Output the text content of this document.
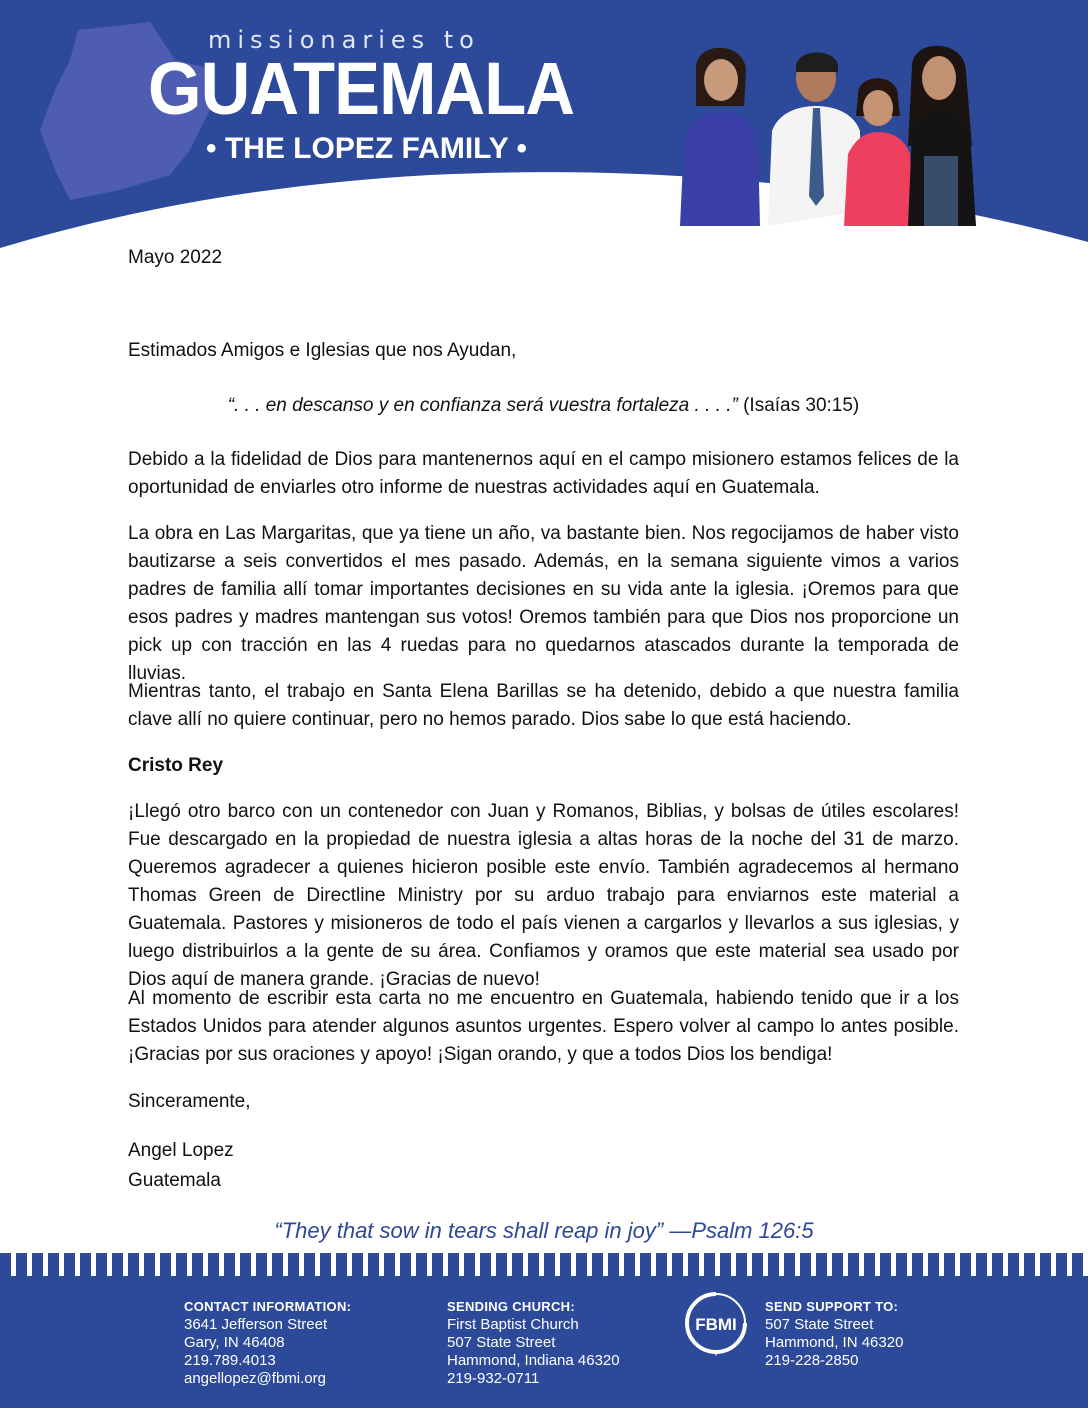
missionaries to
GUATEMALA
• THE LOPEZ FAMILY •
Mayo 2022
Estimados Amigos e Iglesias que nos Ayudan,
“. . . en descanso y en confianza será vuestra fortaleza . . . .” (Isaías 30:15)
Debido a la fidelidad de Dios para mantenernos aquí en el campo misionero estamos felices de la oportunidad de enviarles otro informe de nuestras actividades aquí en Guatemala.
La obra en Las Margaritas, que ya tiene un año, va bastante bien. Nos regocijamos de haber visto bautizarse a seis convertidos el mes pasado. Además, en la semana siguiente vimos a varios padres de familia allí tomar importantes decisiones en su vida ante la iglesia. ¡Oremos para que esos padres y madres mantengan sus votos! Oremos también para que Dios nos proporcione un pick up con tracción en las 4 ruedas para no quedarnos atascados durante la temporada de lluvias.
Mientras tanto, el trabajo en Santa Elena Barillas se ha detenido, debido a que nuestra familia clave allí no quiere continuar, pero no hemos parado. Dios sabe lo que está haciendo.
Cristo Rey
¡Llegó otro barco con un contenedor con Juan y Romanos, Biblias, y bolsas de útiles escolares! Fue descargado en la propiedad de nuestra iglesia a altas horas de la noche del 31 de marzo. Queremos agradecer a quienes hicieron posible este envío. También agradecemos al hermano Thomas Green de Directline Ministry por su arduo trabajo para enviarnos este material a Guatemala. Pastores y misioneros de todo el país vienen a cargarlos y llevarlos a sus iglesias, y luego distribuirlos a la gente de su área. Confiamos y oramos que este material sea usado por Dios aquí de manera grande. ¡Gracias de nuevo!
Al momento de escribir esta carta no me encuentro en Guatemala, habiendo tenido que ir a los Estados Unidos para atender algunos asuntos urgentes. Espero volver al campo lo antes posible. ¡Gracias por sus oraciones y apoyo! ¡Sigan orando, y que a todos Dios los bendiga!
Sinceramente,
Angel Lopez
Guatemala
“They that sow in tears shall reap in joy” —Psalm 126:5
CONTACT INFORMATION:
3641 Jefferson Street
Gary, IN 46408
219.789.4013
angellopez@fbmi.org
SENDING CHURCH:
First Baptist Church
507 State Street
Hammond, Indiana 46320
219-932-0711
FBMI
SEND SUPPORT TO:
507 State Street
Hammond, IN 46320
219-228-2850
